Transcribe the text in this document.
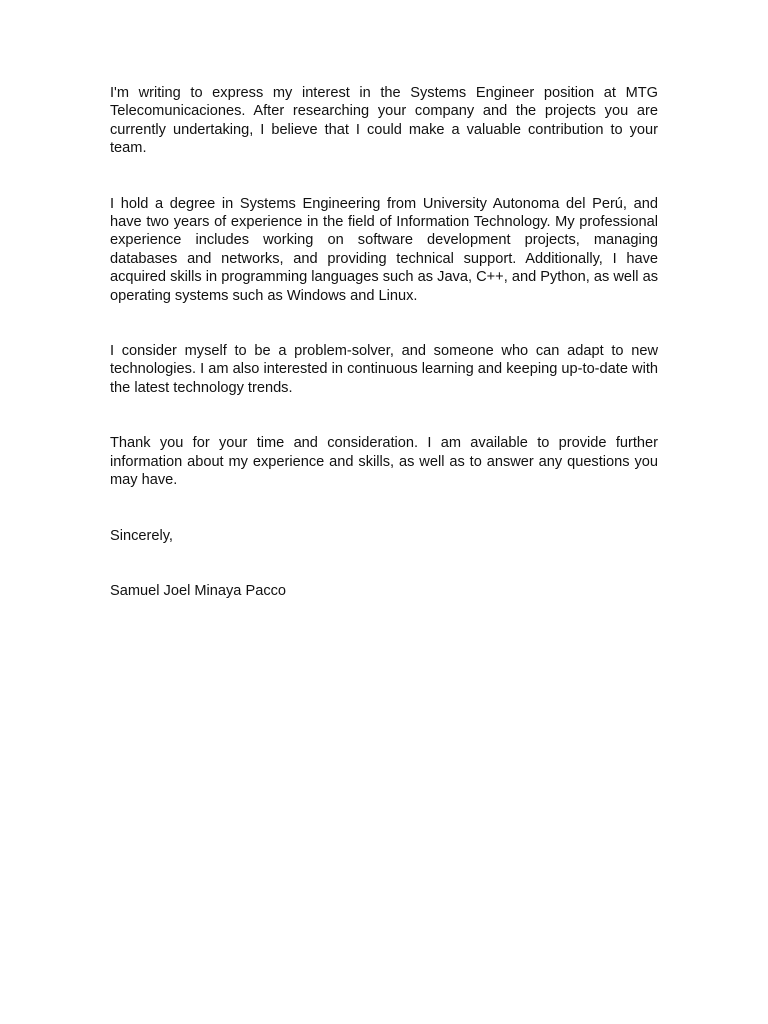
I'm writing to express my interest in the Systems Engineer position at MTG Telecomunicaciones. After researching your company and the projects you are currently undertaking, I believe that I could make a valuable contribution to your team.

I hold a degree in Systems Engineering from University Autonoma del Perú, and have two years of experience in the field of Information Technology. My professional experience includes working on software development projects, managing databases and networks, and providing technical support. Additionally, I have acquired skills in programming languages such as Java, C++, and Python, as well as operating systems such as Windows and Linux.

I consider myself to be a problem-solver, and someone who can adapt to new technologies. I am also interested in continuous learning and keeping up-to-date with the latest technology trends.

Thank you for your time and consideration. I am available to provide further information about my experience and skills, as well as to answer any questions you may have.

Sincerely,

Samuel Joel Minaya Pacco
